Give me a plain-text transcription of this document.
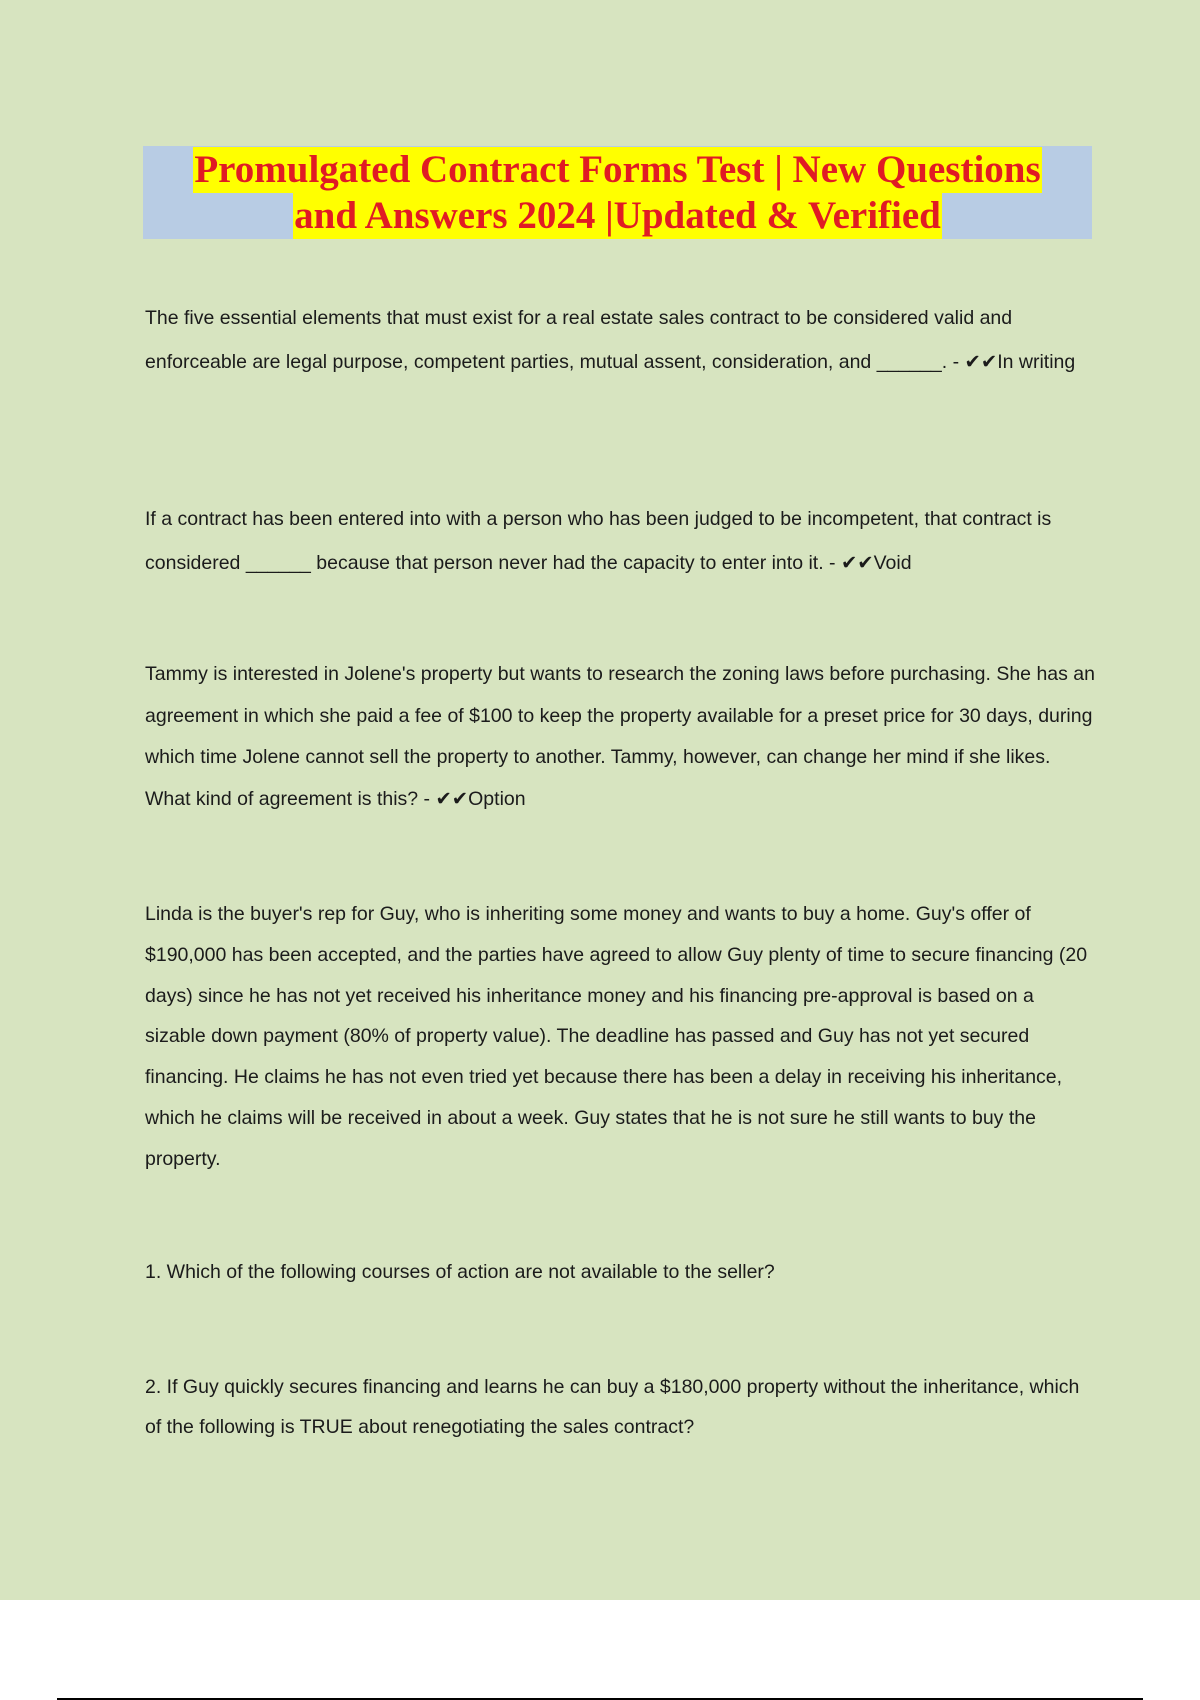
Promulgated Contract Forms Test | New Questions
and Answers 2024 |Updated & Verified

The five essential elements that must exist for a real estate sales contract to be considered valid and enforceable are legal purpose, competent parties, mutual assent, consideration, and ______. - ✔✔In writing

If a contract has been entered into with a person who has been judged to be incompetent, that contract is considered ______ because that person never had the capacity to enter into it. - ✔✔Void

Tammy is interested in Jolene's property but wants to research the zoning laws before purchasing. She has an agreement in which she paid a fee of $100 to keep the property available for a preset price for 30 days, during which time Jolene cannot sell the property to another. Tammy, however, can change her mind if she likes. What kind of agreement is this? - ✔✔Option

Linda is the buyer's rep for Guy, who is inheriting some money and wants to buy a home. Guy's offer of $190,000 has been accepted, and the parties have agreed to allow Guy plenty of time to secure financing (20 days) since he has not yet received his inheritance money and his financing pre-approval is based on a sizable down payment (80% of property value). The deadline has passed and Guy has not yet secured financing. He claims he has not even tried yet because there has been a delay in receiving his inheritance, which he claims will be received in about a week. Guy states that he is not sure he still wants to buy the property.

1. Which of the following courses of action are not available to the seller?

2. If Guy quickly secures financing and learns he can buy a $180,000 property without the inheritance, which of the following is TRUE about renegotiating the sales contract?
